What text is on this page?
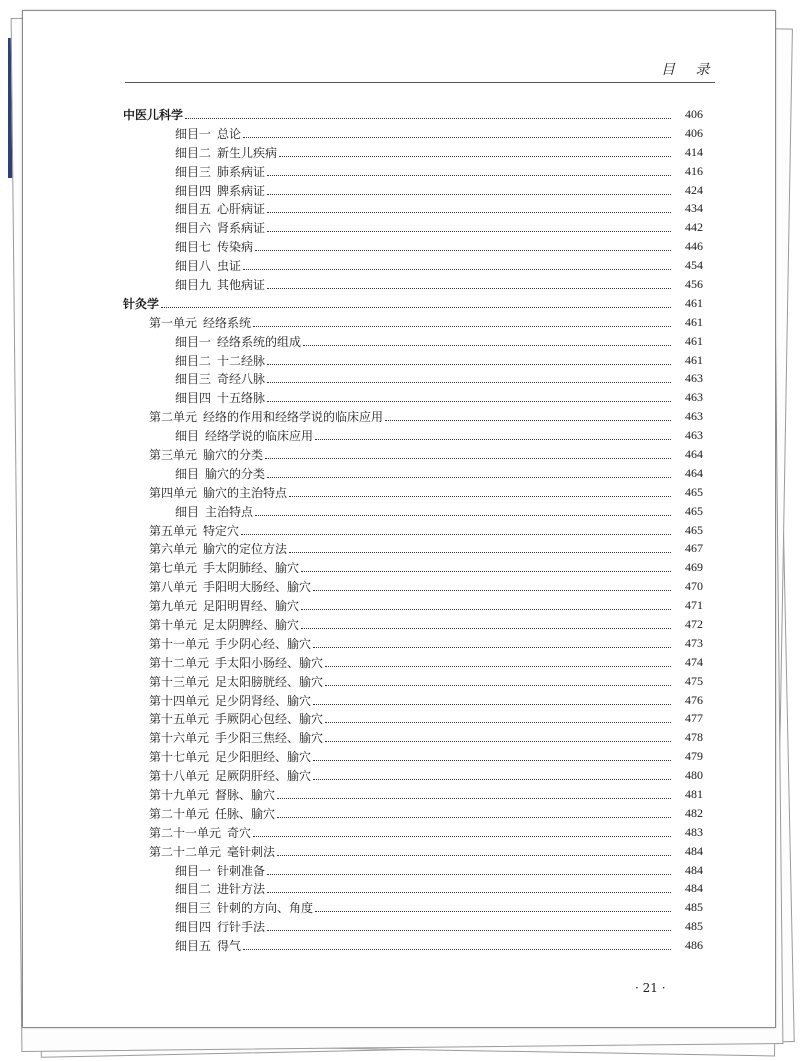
目 录
中医儿科学	406
细目一 总论	406
细目二 新生儿疾病	414
细目三 肺系病证	416
细目四 脾系病证	424
细目五 心肝病证	434
细目六 肾系病证	442
细目七 传染病	446
细目八 虫证	454
细目九 其他病证	456
针灸学	461
第一单元 经络系统	461
细目一 经络系统的组成	461
细目二 十二经脉	461
细目三 奇经八脉	463
细目四 十五络脉	463
第二单元 经络的作用和经络学说的临床应用	463
细目 经络学说的临床应用	463
第三单元 腧穴的分类	464
细目 腧穴的分类	464
第四单元 腧穴的主治特点	465
细目 主治特点	465
第五单元 特定穴	465
第六单元 腧穴的定位方法	467
第七单元 手太阴肺经、腧穴	469
第八单元 手阳明大肠经、腧穴	470
第九单元 足阳明胃经、腧穴	471
第十单元 足太阴脾经、腧穴	472
第十一单元 手少阴心经、腧穴	473
第十二单元 手太阳小肠经、腧穴	474
第十三单元 足太阳膀胱经、腧穴	475
第十四单元 足少阴肾经、腧穴	476
第十五单元 手厥阴心包经、腧穴	477
第十六单元 手少阳三焦经、腧穴	478
第十七单元 足少阳胆经、腧穴	479
第十八单元 足厥阴肝经、腧穴	480
第十九单元 督脉、腧穴	481
第二十单元 任脉、腧穴	482
第二十一单元 奇穴	483
第二十二单元 毫针刺法	484
细目一 针刺准备	484
细目二 进针方法	484
细目三 针刺的方向、角度	485
细目四 行针手法	485
细目五 得气	486
· 21 ·
